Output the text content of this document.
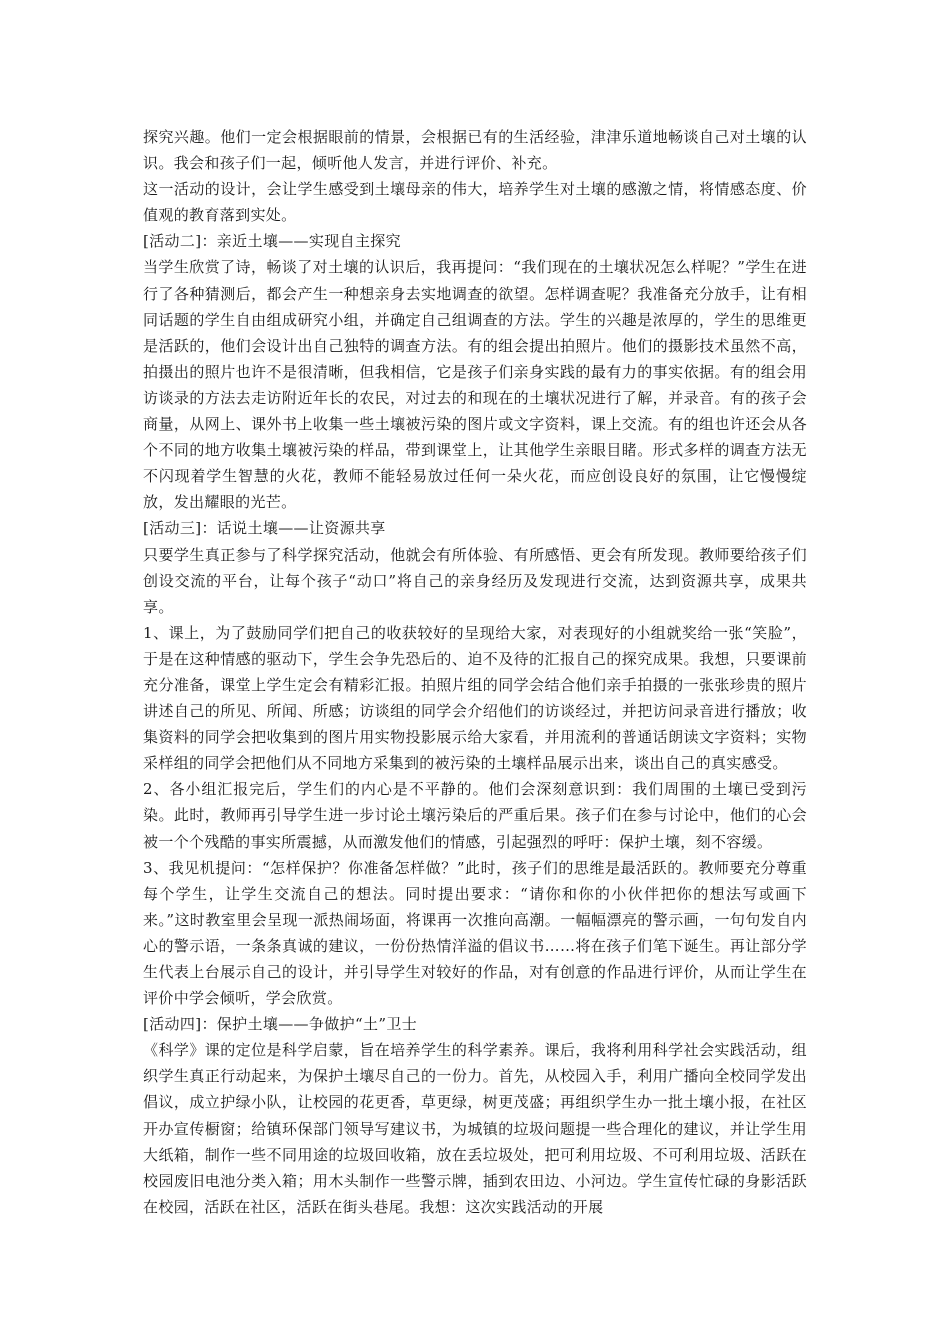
探究兴趣。他们一定会根据眼前的情景，会根据已有的生活经验，津津乐道地畅谈自己对土壤的认识。我会和孩子们一起，倾听他人发言，并进行评价、补充。

这一活动的设计，会让学生感受到土壤母亲的伟大，培养学生对土壤的感激之情，将情感态度、价值观的教育落到实处。

[活动二]：亲近土壤——实现自主探究

当学生欣赏了诗，畅谈了对土壤的认识后，我再提问：“我们现在的土壤状况怎么样呢？”学生在进行了各种猜测后，都会产生一种想亲身去实地调查的欲望。怎样调查呢？我准备充分放手，让有相同话题的学生自由组成研究小组，并确定自己组调查的方法。学生的兴趣是浓厚的，学生的思维更是活跃的，他们会设计出自己独特的调查方法。有的组会提出拍照片。他们的摄影技术虽然不高，拍摄出的照片也许不是很清晰，但我相信，它是孩子们亲身实践的最有力的事实依据。有的组会用访谈录的方法去走访附近年长的农民，对过去的和现在的土壤状况进行了解，并录音。有的孩子会商量，从网上、课外书上收集一些土壤被污染的图片或文字资料，课上交流。有的组也许还会从各个不同的地方收集土壤被污染的样品，带到课堂上，让其他学生亲眼目睹。形式多样的调查方法无不闪现着学生智慧的火花，教师不能轻易放过任何一朵火花，而应创设良好的氛围，让它慢慢绽放，发出耀眼的光芒。

[活动三]：话说土壤——让资源共享

只要学生真正参与了科学探究活动，他就会有所体验、有所感悟、更会有所发现。教师要给孩子们创设交流的平台，让每个孩子“动口”将自己的亲身经历及发现进行交流，达到资源共享，成果共享。

1、课上，为了鼓励同学们把自己的收获较好的呈现给大家，对表现好的小组就奖给一张“笑脸”，于是在这种情感的驱动下，学生会争先恐后的、迫不及待的汇报自己的探究成果。我想，只要课前充分准备，课堂上学生定会有精彩汇报。拍照片组的同学会结合他们亲手拍摄的一张张珍贵的照片讲述自己的所见、所闻、所感；访谈组的同学会介绍他们的访谈经过，并把访问录音进行播放；收集资料的同学会把收集到的图片用实物投影展示给大家看，并用流利的普通话朗读文字资料；实物采样组的同学会把他们从不同地方采集到的被污染的土壤样品展示出来，谈出自己的真实感受。

2、各小组汇报完后，学生们的内心是不平静的。他们会深刻意识到：我们周围的土壤已受到污染。此时，教师再引导学生进一步讨论土壤污染后的严重后果。孩子们在参与讨论中，他们的心会被一个个残酷的事实所震撼，从而激发他们的情感，引起强烈的呼吁：保护土壤，刻不容缓。

3、我见机提问：“怎样保护？你准备怎样做？”此时，孩子们的思维是最活跃的。教师要充分尊重每个学生，让学生交流自己的想法。同时提出要求：“请你和你的小伙伴把你的想法写或画下来。”这时教室里会呈现一派热闹场面，将课再一次推向高潮。一幅幅漂亮的警示画，一句句发自内心的警示语，一条条真诚的建议，一份份热情洋溢的倡议书……将在孩子们笔下诞生。再让部分学生代表上台展示自己的设计，并引导学生对较好的作品，对有创意的作品进行评价，从而让学生在评价中学会倾听，学会欣赏。

[活动四]：保护土壤——争做护“土”卫士

《科学》课的定位是科学启蒙，旨在培养学生的科学素养。课后，我将利用科学社会实践活动，组织学生真正行动起来，为保护土壤尽自己的一份力。首先，从校园入手，利用广播向全校同学发出倡议，成立护绿小队，让校园的花更香，草更绿，树更茂盛；再组织学生办一批土壤小报，在社区开办宣传橱窗；给镇环保部门领导写建议书，为城镇的垃圾问题提一些合理化的建议，并让学生用大纸箱，制作一些不同用途的垃圾回收箱，放在丢垃圾处，把可利用垃圾、不可利用垃圾、活跃在校园废旧电池分类入箱；用木头制作一些警示牌，插到农田边、小河边。学生宣传忙碌的身影活跃在校园，活跃在社区，活跃在街头巷尾。我想：这次实践活动的开展
